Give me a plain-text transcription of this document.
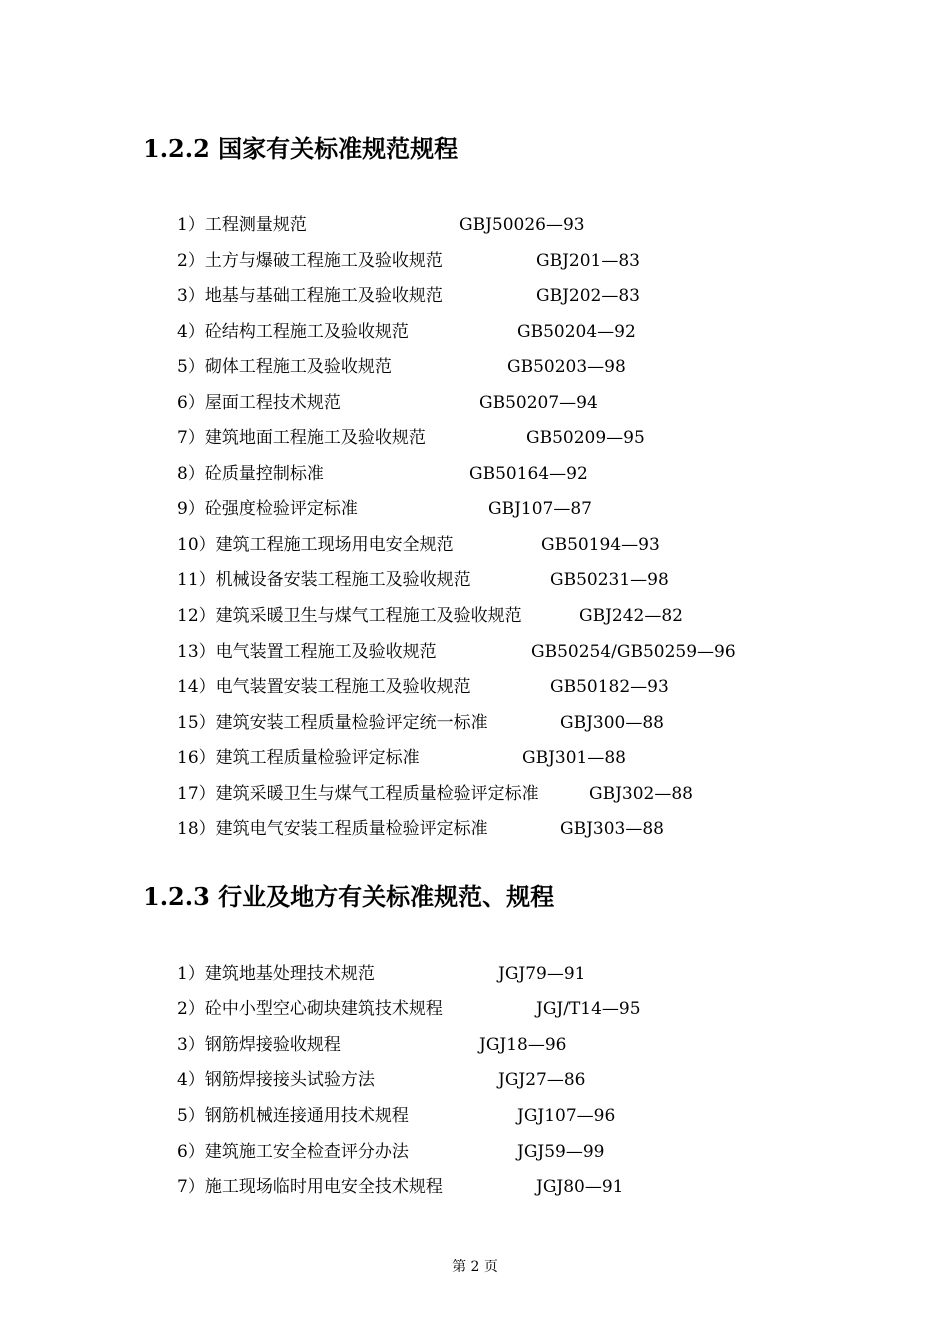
1.2.2 国家有关标准规范规程
1）工程测量规范	GBJ50026—93
2）土方与爆破工程施工及验收规范	GBJ201—83
3）地基与基础工程施工及验收规范	GBJ202—83
4）砼结构工程施工及验收规范	GB50204—92
5）砌体工程施工及验收规范	GB50203—98
6）屋面工程技术规范	GB50207—94
7）建筑地面工程施工及验收规范	GB50209—95
8）砼质量控制标准	GB50164—92
9）砼强度检验评定标准	GBJ107—87
10）建筑工程施工现场用电安全规范	GB50194—93
11）机械设备安装工程施工及验收规范	GB50231—98
12）建筑采暖卫生与煤气工程施工及验收规范	GBJ242—82
13）电气装置工程施工及验收规范	GB50254/GB50259—96
14）电气装置安装工程施工及验收规范	GB50182—93
15）建筑安装工程质量检验评定统一标准	GBJ300—88
16）建筑工程质量检验评定标准	GBJ301—88
17）建筑采暖卫生与煤气工程质量检验评定标准	GBJ302—88
18）建筑电气安装工程质量检验评定标准	GBJ303—88
1.2.3 行业及地方有关标准规范、规程
1）建筑地基处理技术规范	JGJ79—91
2）砼中小型空心砌块建筑技术规程	JGJ/T14—95
3）钢筋焊接验收规程	JGJ18—96
4）钢筋焊接接头试验方法	JGJ27—86
5）钢筋机械连接通用技术规程	JGJ107—96
6）建筑施工安全检查评分办法	JGJ59—99
7）施工现场临时用电安全技术规程	JGJ80—91
第 2 页
